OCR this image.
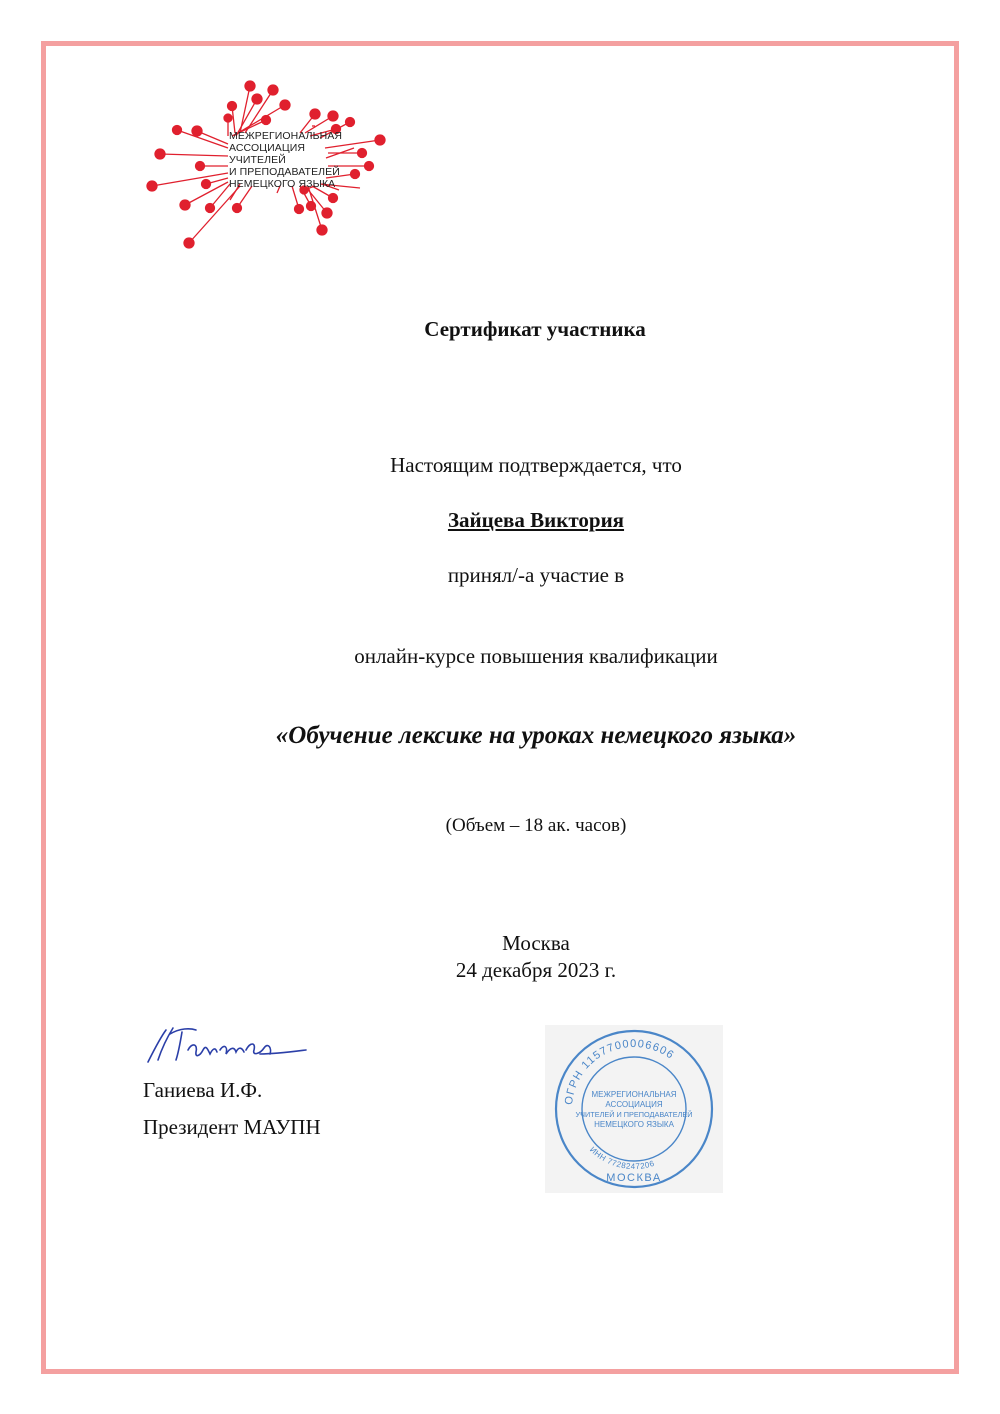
МЕЖРЕГИОНАЛЬНАЯ
АССОЦИАЦИЯ
УЧИТЕЛЕЙ
И ПРЕПОДАВАТЕЛЕЙ
НЕМЕЦКОГО ЯЗЫКА
Сертификат участника
Настоящим подтверждается, что
Зайцева Виктория
принял/-а участие в
онлайн-курсе повышения квалификации
«Обучение лексике на уроках немецкого языка»
(Объем – 18 ак. часов)
Москва
24 декабря 2023 г.
Ганиева И.Ф.
Президент МАУПН
ОГРН 1157700006606
ИНН 7728247206
МОСКВА
МЕЖРЕГИОНАЛЬНАЯ
АССОЦИАЦИЯ
УЧИТЕЛЕЙ И ПРЕПОДАВАТЕЛЕЙ
НЕМЕЦКОГО ЯЗЫКА
